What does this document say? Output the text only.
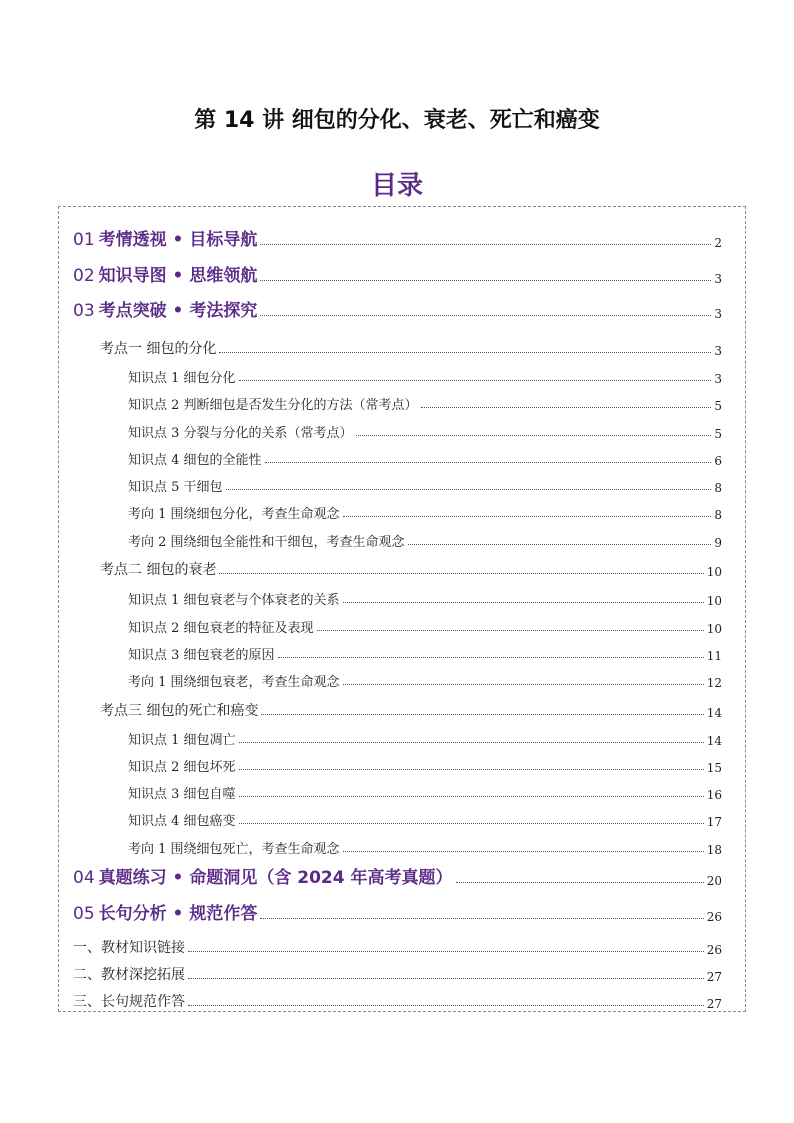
第 14 讲 细包的分化、衰老、死亡和癌变
目录
01 考情透视 • 目标导航	2
02 知识导图 • 思维领航	3
03 考点突破 • 考法探究	3
考点一 细包的分化	3
知识点 1 细包分化	3
知识点 2 判断细包是否发生分化的方法（常考点）	5
知识点 3 分裂与分化的关系（常考点）	5
知识点 4 细包的全能性	6
知识点 5 干细包	8
考向 1 围绕细包分化，考查生命观念	8
考向 2 围绕细包全能性和干细包，考查生命观念	9
考点二 细包的衰老	10
知识点 1 细包衰老与个体衰老的关系	10
知识点 2 细包衰老的特征及表现	10
知识点 3 细包衰老的原因	11
考向 1 围绕细包衰老，考查生命观念	12
考点三 细包的死亡和癌变	14
知识点 1 细包凋亡	14
知识点 2 细包坏死	15
知识点 3 细包自噬	16
知识点 4 细包癌变	17
考向 1 围绕细包死亡，考查生命观念	18
04 真题练习 • 命题洞见（含 2024 年高考真题）	20
05 长句分析 • 规范作答	26
一、教材知识链接	26
二、教材深挖拓展	27
三、长句规范作答	27
